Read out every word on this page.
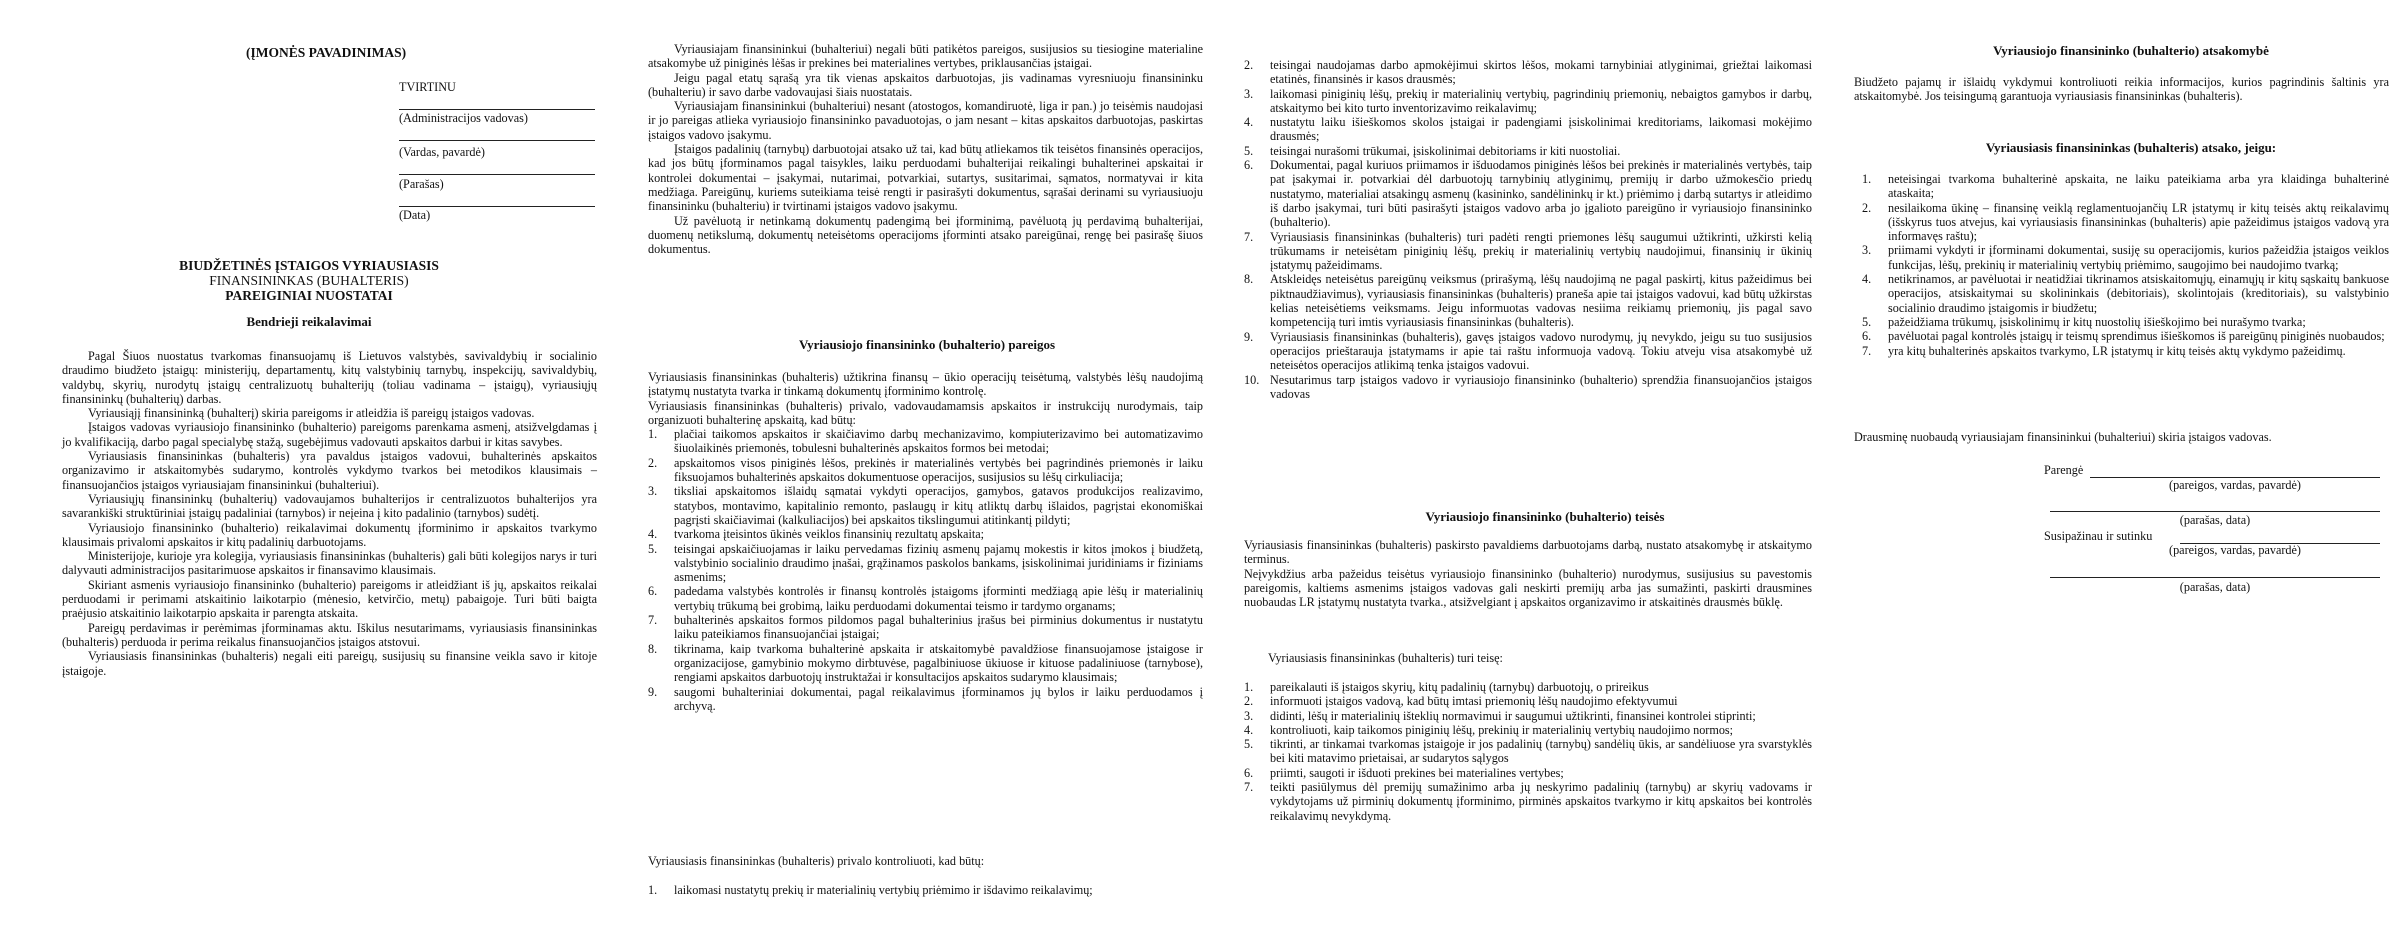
(ĮMONĖS PAVADINIMAS)
TVIRTINU
(Administracijos vadovas)
(Vardas, pavardė)
(Parašas)
(Data)
BIUDŽETINĖS ĮSTAIGOS VYRIAUSIASIS
FINANSININKAS (BUHALTERIS)
PAREIGINIAI NUOSTATAI
Bendrieji reikalavimai

Pagal Šiuos nuostatus tvarkomas finansuojamų iš Lietuvos valstybės, savivaldybių ir socialinio draudimo biudžeto įstaigų: ministerijų, departamentų, kitų valstybinių tarnybų, inspekcijų, savivaldybių, valdybų, skyrių, nurodytų įstaigų centralizuotų buhalterijų (toliau vadinama – įstaigų), vyriausiųjų finansininkų (buhalterių) darbas.

Vyriausiąjį finansininką (buhalterį) skiria pareigoms ir atleidžia iš pareigų įstaigos vadovas.

Įstaigos vadovas vyriausiojo finansininko (buhalterio) pareigoms parenkama asmenį, atsižvelgdamas į jo kvalifikaciją, darbo pagal specialybę stažą, sugebėjimus vadovauti apskaitos darbui ir kitas savybes.

Vyriausiasis finansininkas (buhalteris) yra pavaldus įstaigos vadovui, buhalterinės apskaitos organizavimo ir atskaitomybės sudarymo, kontrolės vykdymo tvarkos bei metodikos klausimais – finansuojančios įstaigos vyriausiajam finansininkui (buhalteriui).

Vyriausiųjų finansininkų (buhalterių) vadovaujamos buhalterijos ir centralizuotos buhalterijos yra savarankiški struktūriniai įstaigų padaliniai (tarnybos) ir neįeina į kito padalinio (tarnybos) sudėtį.

Vyriausiojo finansininko (buhalterio) reikalavimai dokumentų įforminimo ir apskaitos tvarkymo klausimais privalomi apskaitos ir kitų padalinių darbuotojams.

Ministerijoje, kurioje yra kolegija, vyriausiasis finansininkas (buhalteris) gali būti kolegijos narys ir turi dalyvauti administracijos pasitarimuose apskaitos ir finansavimo klausimais.

Skiriant asmenis vyriausiojo finansininko (buhalterio) pareigoms ir atleidžiant iš jų, apskaitos reikalai perduodami ir perimami atskaitinio laikotarpio (mėnesio, ketvirčio, metų) pabaigoje. Turi būti baigta praėjusio atskaitinio laikotarpio apskaita ir parengta atskaita.

Pareigų perdavimas ir perėmimas įforminamas aktu. Iškilus nesutarimams, vyriausiasis finansininkas (buhalteris) perduoda ir perima reikalus finansuojančios įstaigos atstovui.

Vyriausiasis finansininkas (buhalteris) negali eiti pareigų, susijusių su finansine veikla savo ir kitoje įstaigoje.

Vyriausiajam finansininkui (buhalteriui) negali būti patikėtos pareigos, susijusios su tiesiogine materialine atsakomybe už piniginės lėšas ir prekines bei materialines vertybes, priklausančias įstaigai.

Jeigu pagal etatų sąrašą yra tik vienas apskaitos darbuotojas, jis vadinamas vyresniuoju finansininku (buhalteriu) ir savo darbe vadovaujasi šiais nuostatais.

Vyriausiajam finansininkui (buhalteriui) nesant (atostogos, komandiruotė, liga ir pan.) jo teisėmis naudojasi ir jo pareigas atlieka vyriausiojo finansininko pavaduotojas, o jam nesant – kitas apskaitos darbuotojas, paskirtas įstaigos vadovo įsakymu.

Įstaigos padalinių (tarnybų) darbuotojai atsako už tai, kad būtų atliekamos tik teisėtos finansinės operacijos, kad jos būtų įforminamos pagal taisykles, laiku perduodami buhalterijai reikalingi buhalterinei apskaitai ir kontrolei dokumentai – įsakymai, nutarimai, potvarkiai, sutartys, susitarimai, sąmatos, normatyvai ir kita medžiaga. Pareigūnų, kuriems suteikiama teisė rengti ir pasirašyti dokumentus, sąrašai derinami su vyriausiuoju finansininku (buhalteriu) ir tvirtinami įstaigos vadovo įsakymu.

Už pavėluotą ir netinkamą dokumentų padengimą bei įforminimą, pavėluotą jų perdavimą buhalterijai, duomenų netikslumą, dokumentų neteisėtoms operacijoms įforminti atsako pareigūnai, rengę bei pasirašę šiuos dokumentus.

Vyriausiojo finansininko (buhalterio) pareigos

Vyriausiasis finansininkas (buhalteris) užtikrina finansų – ūkio operacijų teisėtumą, valstybės lėšų naudojimą įstatymų nustatyta tvarka ir tinkamą dokumentų įforminimo kontrolę.

Vyriausiasis finansininkas (buhalteris) privalo, vadovaudamamsis apskaitos ir instrukcijų nurodymais, taip organizuoti buhalterinę apskaitą, kad būtų:

1. plačiai taikomos apskaitos ir skaičiavimo darbų mechanizavimo, kompiuterizavimo bei automatizavimo šiuolaikinės priemonės, tobulesni buhalterinės apskaitos formos bei metodai;
2. apskaitomos visos piniginės lėšos, prekinės ir materialinės vertybės bei pagrindinės priemonės ir laiku fiksuojamos buhalterinės apskaitos dokumentuose operacijos, susijusios su lėšų cirkuliacija;
3. tiksliai apskaitomos išlaidų sąmatai vykdyti operacijos, gamybos, gatavos produkcijos realizavimo, statybos, montavimo, kapitalinio remonto, paslaugų ir kitų atliktų darbų išlaidos, pagrįstai ekonomiškai pagrįsti skaičiavimai (kalkuliacijos) bei apskaitos tikslingumui atitinkantį pildyti;
4. tvarkoma įteisintos ūkinės veiklos finansinių rezultatų apskaita;
5. teisingai apskaičiuojamas ir laiku pervedamas fizinių asmenų pajamų mokestis ir kitos įmokos į biudžetą, valstybinio socialinio draudimo įnašai, grąžinamos paskolos bankams, įsiskolinimai juridiniams ir fiziniams asmenims;
6. padedama valstybės kontrolės ir finansų kontrolės įstaigoms įforminti medžiagą apie lėšų ir materialinių vertybių trūkumą bei grobimą, laiku perduodami dokumentai teismo ir tardymo organams;
7. buhalterinės apskaitos formos pildomos pagal buhalterinius įrašus bei pirminius dokumentus ir nustatytu laiku pateikiamos finansuojančiai įstaigai;
8. tikrinama, kaip tvarkoma buhalterinė apskaita ir atskaitomybė pavaldžiose finansuojamose įstaigose ir organizacijose, gamybinio mokymo dirbtuvėse, pagalbiniuose ūkiuose ir kituose padaliniuose (tarnybose), rengiami apskaitos darbuotojų instruktažai ir konsultacijos apskaitos sudarymo klausimais;
9. saugomi buhalteriniai dokumentai, pagal reikalavimus įforminamos jų bylos ir laiku perduodamos į archyvą.
Vyriausiasis finansininkas (buhalteris) privalo kontroliuoti, kad būtų:
1. laikomasi nustatytų prekių ir materialinių vertybių priėmimo ir išdavimo reikalavimų;
2. teisingai naudojamas darbo apmokėjimui skirtos lėšos, mokami tarnybiniai atlyginimai, griežtai laikomasi etatinės, finansinės ir kasos drausmės;
3. laikomasi piniginių lėšų, prekių ir materialinių vertybių, pagrindinių priemonių, nebaigtos gamybos ir darbų, atskaitymo bei kito turto inventorizavimo reikalavimų;
4. nustatytu laiku išieškomos skolos įstaigai ir padengiami įsiskolinimai kreditoriams, laikomasi mokėjimo drausmės;
5. teisingai nurašomi trūkumai, įsiskolinimai debitoriams ir kiti nuostoliai.
6. Dokumentai, pagal kuriuos priimamos ir išduodamos piniginės lėšos bei prekinės ir materialinės vertybės, taip pat įsakymai ir. potvarkiai dėl darbuotojų tarnybinių atlyginimų, premijų ir darbo užmokesčio priedų nustatymo, materialiai atsakingų asmenų (kasininko, sandėlininkų ir kt.) priėmimo į darbą sutartys ir atleidimo iš darbo įsakymai, turi būti pasirašyti įstaigos vadovo arba jo įgalioto pareigūno ir vyriausiojo finansininko (buhalterio).
7. Vyriausiasis finansininkas (buhalteris) turi padėti rengti priemones lėšų saugumui užtikrinti, užkirsti kelią trūkumams ir neteisėtam piniginių lėšų, prekių ir materialinių vertybių naudojimui, finansinių ir ūkinių įstatymų pažeidimams.
8. Atskleidęs neteisėtus pareigūnų veiksmus (prirašymą, lėšų naudojimą ne pagal paskirtį, kitus pažeidimus bei piktnaudžiavimus), vyriausiasis finansininkas (buhalteris) praneša apie tai įstaigos vadovui, kad būtų užkirstas kelias neteisėtiems veiksmams. Jeigu informuotas vadovas nesiima reikiamų priemonių, jis pagal savo kompetenciją turi imtis vyriausiasis finansininkas (buhalteris).
9. Vyriausiasis finansininkas (buhalteris), gavęs įstaigos vadovo nurodymų, jų nevykdo, jeigu su tuo susijusios operacijos prieštarauja įstatymams ir apie tai raštu informuoja vadovą. Tokiu atveju visa atsakomybė už neteisėtos operacijos atlikimą tenka įstaigos vadovui.
10. Nesutarimus tarp įstaigos vadovo ir vyriausiojo finansininko (buhalterio) sprendžia finansuojančios įstaigos vadovas
Vyriausiojo finansininko (buhalterio) teisės

Vyriausiasis finansininkas (buhalteris) paskirsto pavaldiems darbuotojams darbą, nustato atsakomybę ir atskaitymo terminus.

Neįvykdžius arba pažeidus teisėtus vyriausiojo finansininko (buhalterio) nurodymus, susijusius su pavestomis pareigomis, kaltiems asmenims įstaigos vadovas gali neskirti premijų arba jas sumažinti, paskirti drausmines nuobaudas LR įstatymų nustatyta tvarka., atsižvelgiant į apskaitos organizavimo ir atskaitinės drausmės būklę.

Vyriausiasis finansininkas (buhalteris) turi teisę:
1. pareikalauti iš įstaigos skyrių, kitų padalinių (tarnybų) darbuotojų, o prireikus
2. informuoti įstaigos vadovą, kad būtų imtasi priemonių lėšų naudojimo efektyvumui
3. didinti, lėšų ir materialinių išteklių normavimui ir saugumui užtikrinti, finansinei kontrolei stiprinti;
4. kontroliuoti, kaip taikomos piniginių lėšų, prekinių ir materialinių vertybių naudojimo normos;
5. tikrinti, ar tinkamai tvarkomas įstaigoje ir jos padalinių (tarnybų) sandėlių ūkis, ar sandėliuose yra svarstyklės bei kiti matavimo prietaisai, ar sudarytos sąlygos
6. priimti, saugoti ir išduoti prekines bei materialines vertybes;
7. teikti pasiūlymus dėl premijų sumažinimo arba jų neskyrimo padalinių (tarnybų) ar skyrių vadovams ir vykdytojams už pirminių dokumentų įforminimo, pirminės apskaitos tvarkymo ir kitų apskaitos bei kontrolės reikalavimų nevykdymą.
Vyriausiojo finansininko (buhalterio) atsakomybė
Biudžeto pajamų ir išlaidų vykdymui kontroliuoti reikia informacijos, kurios pagrindinis šaltinis yra atskaitomybė. Jos teisingumą garantuoja vyriausiasis finansininkas (buhalteris).
Vyriausiasis finansininkas (buhalteris) atsako, jeigu:
1. neteisingai tvarkoma buhalterinė apskaita, ne laiku pateikiama arba yra klaidinga buhalterinė ataskaita;
2. nesilaikoma ūkinę – finansinę veiklą reglamentuojančių LR įstatymų ir kitų teisės aktų reikalavimų (išskyrus tuos atvejus, kai vyriausiasis finansininkas (buhalteris) apie pažeidimus įstaigos vadovą yra informavęs raštu);
3. priimami vykdyti ir įforminami dokumentai, susiję su operacijomis, kurios pažeidžia įstaigos veiklos funkcijas, lėšų, prekinių ir materialinių vertybių priėmimo, saugojimo bei naudojimo tvarką;
4. netikrinamos, ar pavėluotai ir neatidžiai tikrinamos atsiskaitomųjų, einamųjų ir kitų sąskaitų bankuose operacijos, atsiskaitymai su skolininkais (debitoriais), skolintojais (kreditoriais), su valstybinio socialinio draudimo įstaigomis ir biudžetu;
5. pažeidžiama trūkumų, įsiskolinimų ir kitų nuostolių išieškojimo bei nurašymo tvarka;
6. pavėluotai pagal kontrolės įstaigų ir teismų sprendimus išieškomos iš pareigūnų piniginės nuobaudos;
7. yra kitų buhalterinės apskaitos tvarkymo, LR įstatymų ir kitų teisės aktų vykdymo pažeidimų.
Drausminę nuobaudą vyriausiajam finansininkui (buhalteriui) skiria įstaigos vadovas.
Parengė
(pareigos, vardas, pavardė)
(parašas, data)
Susipažinau ir sutinku
(pareigos, vardas, pavardė)
(parašas, data)
